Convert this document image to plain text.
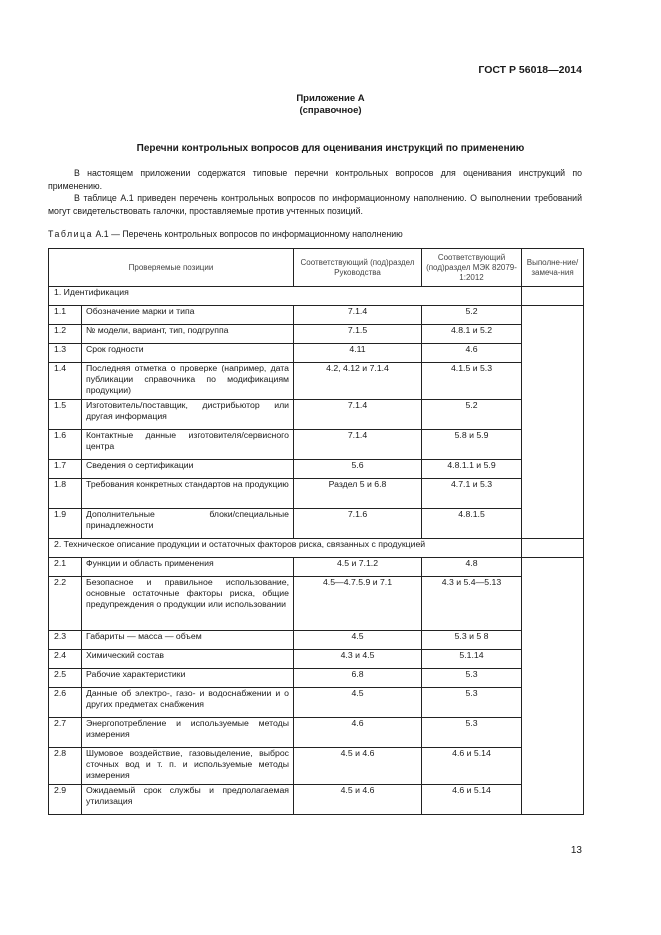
ГОСТ Р 56018—2014
Приложение А
(справочное)
Перечни контрольных вопросов для оценивания инструкций по применению
В настоящем приложении содержатся типовые перечни контрольных вопросов для оценивания инструкций по применению.
В таблице А.1 приведен перечень контрольных вопросов по информационному наполнению. О выполнении требований могут свидетельствовать галочки, проставляемые против учтенных позиций.
Таблица А.1 — Перечень контрольных вопросов по информационному наполнению
Проверяемые позиции		Соответствующий (под)раздел Руководства	Соответствующий (под)раздел МЭК 82079-1:2012	Выполне-ние/замеча-ния
1. Идентификация				
1.1	Обозначение марки и типа	7.1.4	5.2	
1.2	№ модели, вариант, тип, подгруппа	7.1.5	4.8.1 и 5.2	
1.3	Срок годности	4.11	4.6	
1.4	Последняя отметка о проверке (например, дата публикации справочника по модификациям продукции)	4.2, 4.12 и 7.1.4	4.1.5 и 5.3	
1.5	Изготовитель/поставщик, дистрибьютор или другая информация	7.1.4	5.2	
1.6	Контактные данные изготовителя/сервисного центра	7.1.4	5.8 и 5.9	
1.7	Сведения о сертификации	5.6	4.8.1.1 и 5.9	
1.8	Требования конкретных стандартов на продукцию	Раздел 5 и 6.8	4.7.1 и 5.3	
1.9	Дополнительные блоки/специальные принадлежности	7.1.6	4.8.1.5	
2. Техническое описание продукции и остаточных факторов риска, связанных с продукцией				
2.1	Функции и область применения	4.5 и 7.1.2	4.8	
2.2	Безопасное и правильное использование, основные остаточные факторы риска, общие предупреждения о продукции или использовании	4.5—4.7.5.9 и 7.1	4.3 и 5.4—5.13	
2.3	Габариты — масса — объем	4.5	5.3 и 5 8	
2.4	Химический состав	4.3 и 4.5	5.1.14	
2.5	Рабочие характеристики	6.8	5.3	
2.6	Данные об электро-, газо- и водоснабжении и о других предметах снабжения	4.5	5.3	
2.7	Энергопотребление и используемые методы измерения	4.6	5.3	
2.8	Шумовое воздействие, газовыделение, выброс сточных вод и т. п. и используемые методы измерения	4.5 и 4.6	4.6 и 5.14	
2.9	Ожидаемый срок службы и предполагаемая утилизация	4.5 и 4.6	4.6 и 5.14	
13
